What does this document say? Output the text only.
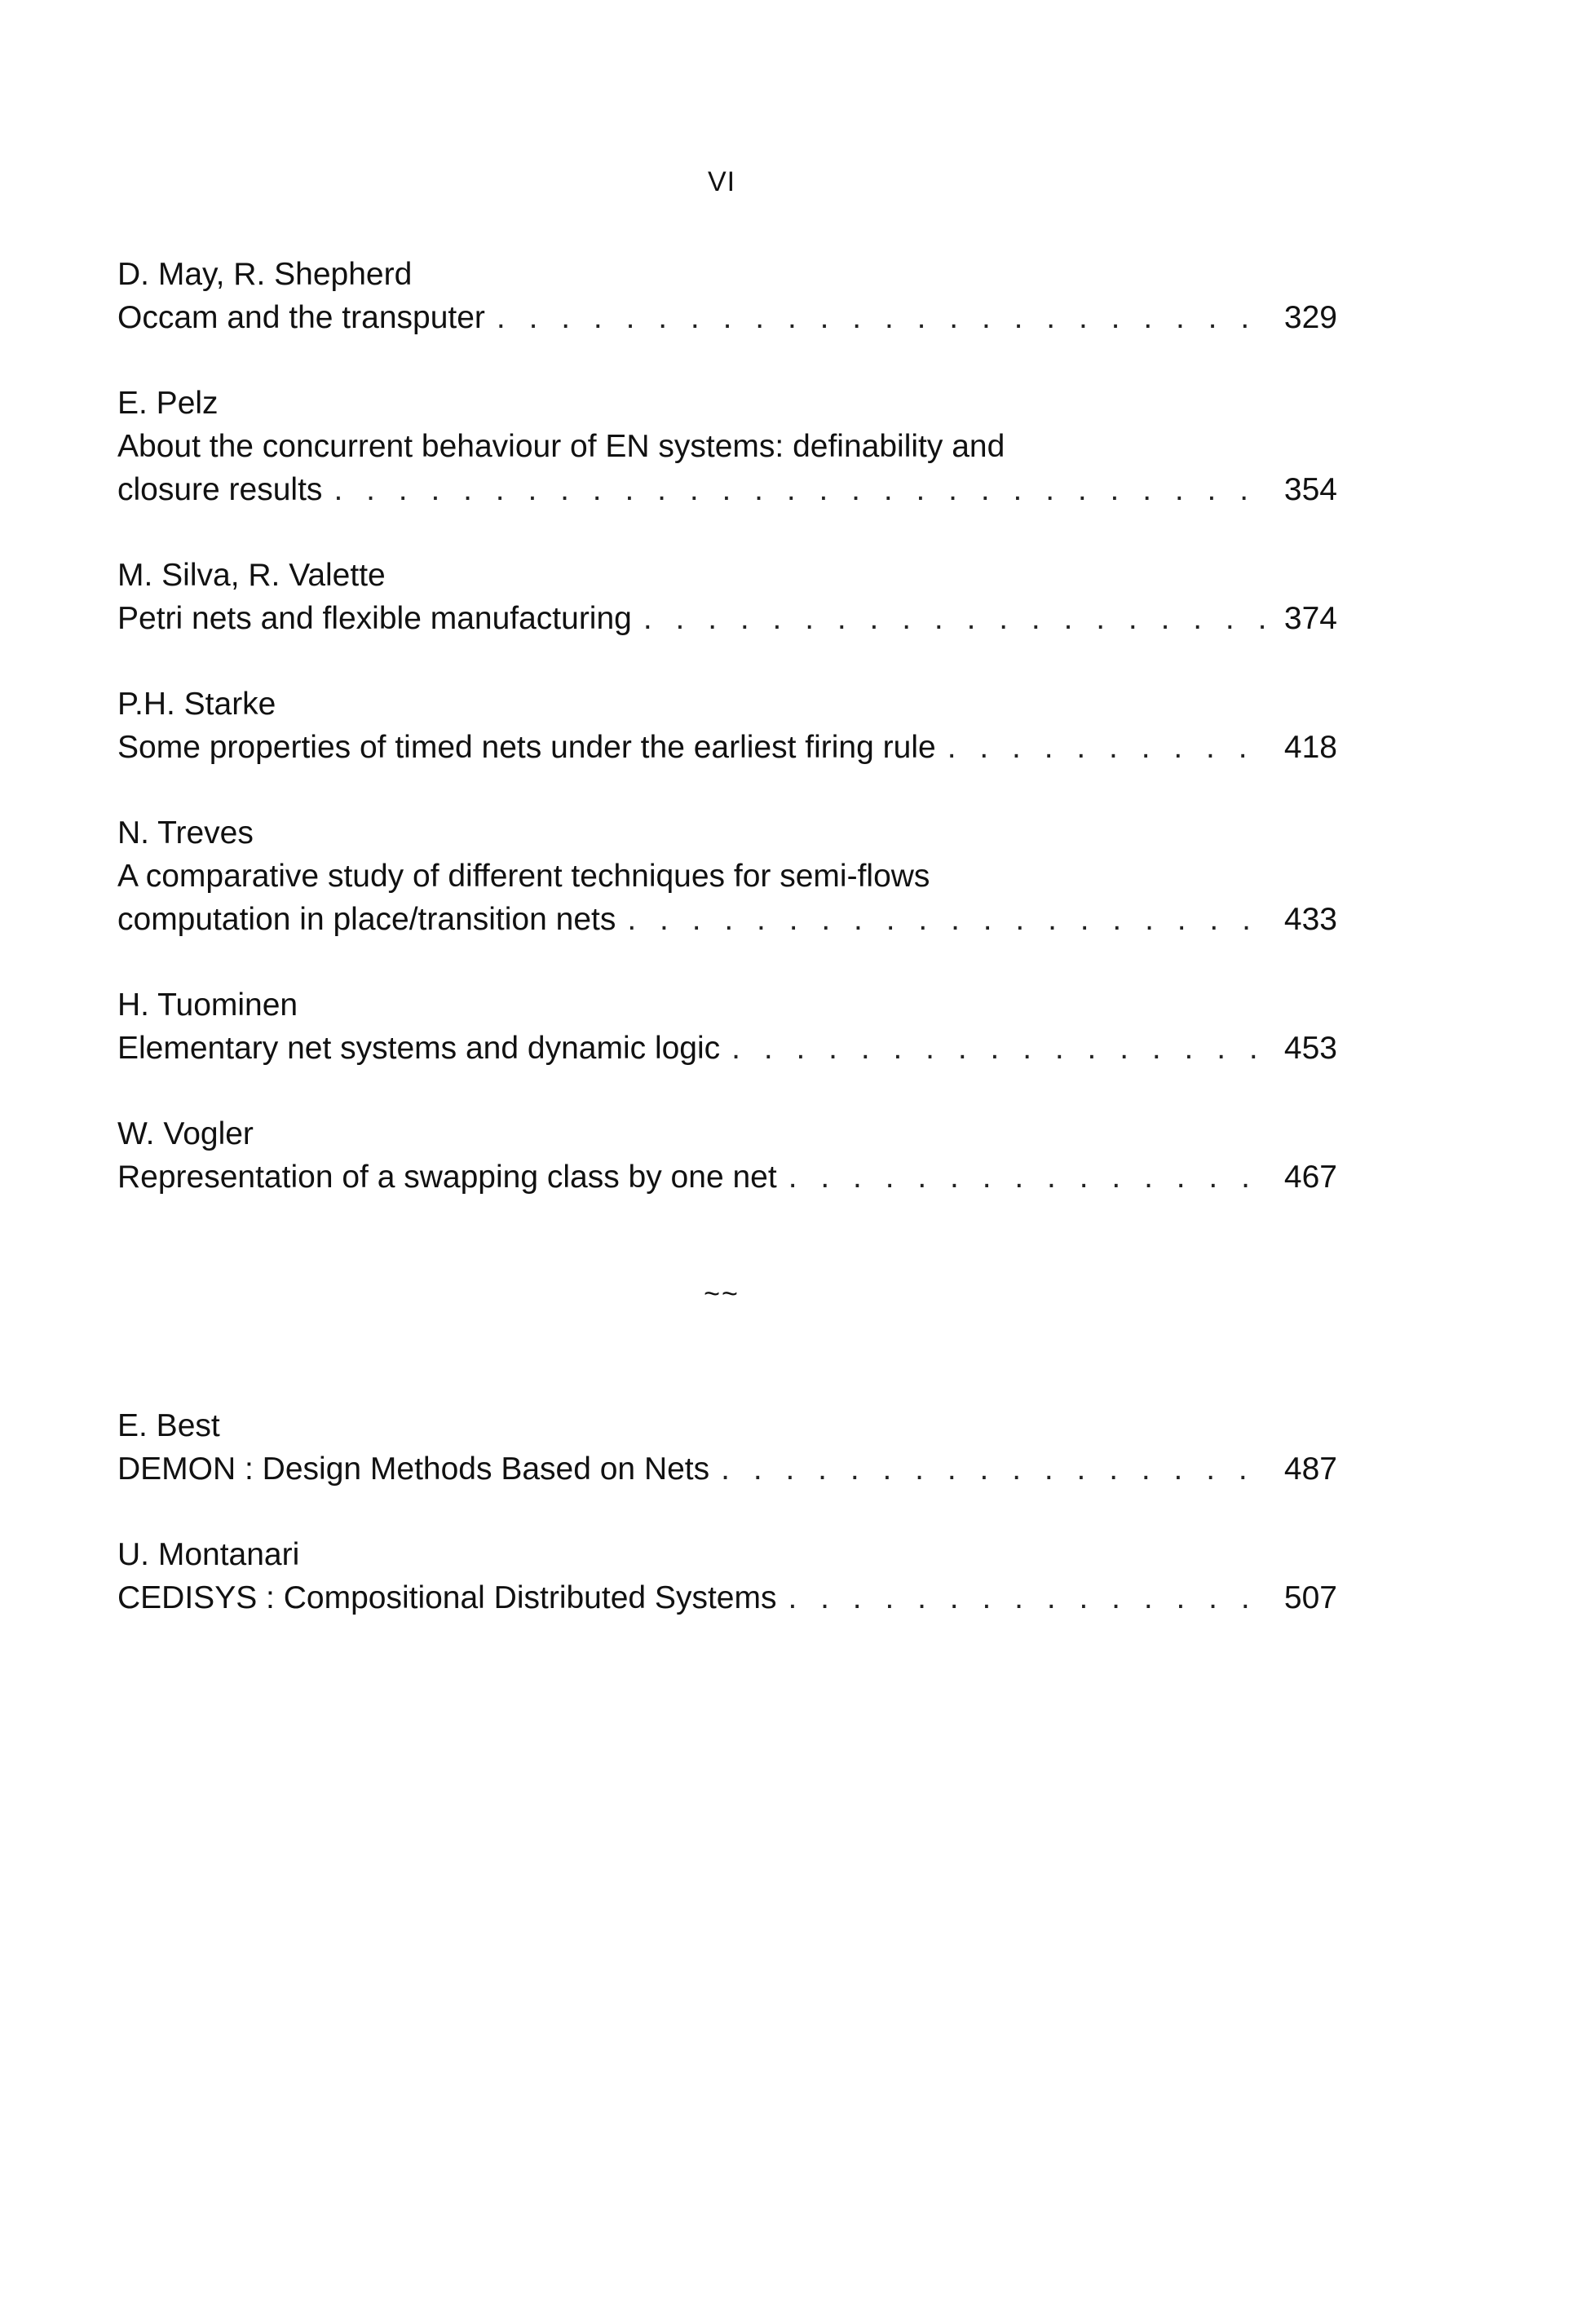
VI
D. May, R. Shepherd
Occam and the transputer . . .	329
E. Pelz
About the concurrent behaviour of EN systems: definability and
closure results . . .	354
M. Silva, R. Valette
Petri nets and flexible manufacturing . . .	374
P.H. Starke
Some properties of timed nets under the earliest firing rule . . .	418
N. Treves
A comparative study of different techniques for semi-flows
computation in place/transition nets . . .	433
H. Tuominen
Elementary net systems and dynamic logic . . .	453
W. Vogler
Representation of a swapping class by one net . . .	467
~~
E. Best
DEMON : Design Methods Based on Nets . . .	487
U. Montanari
CEDISYS : Compositional Distributed Systems . . .	507
